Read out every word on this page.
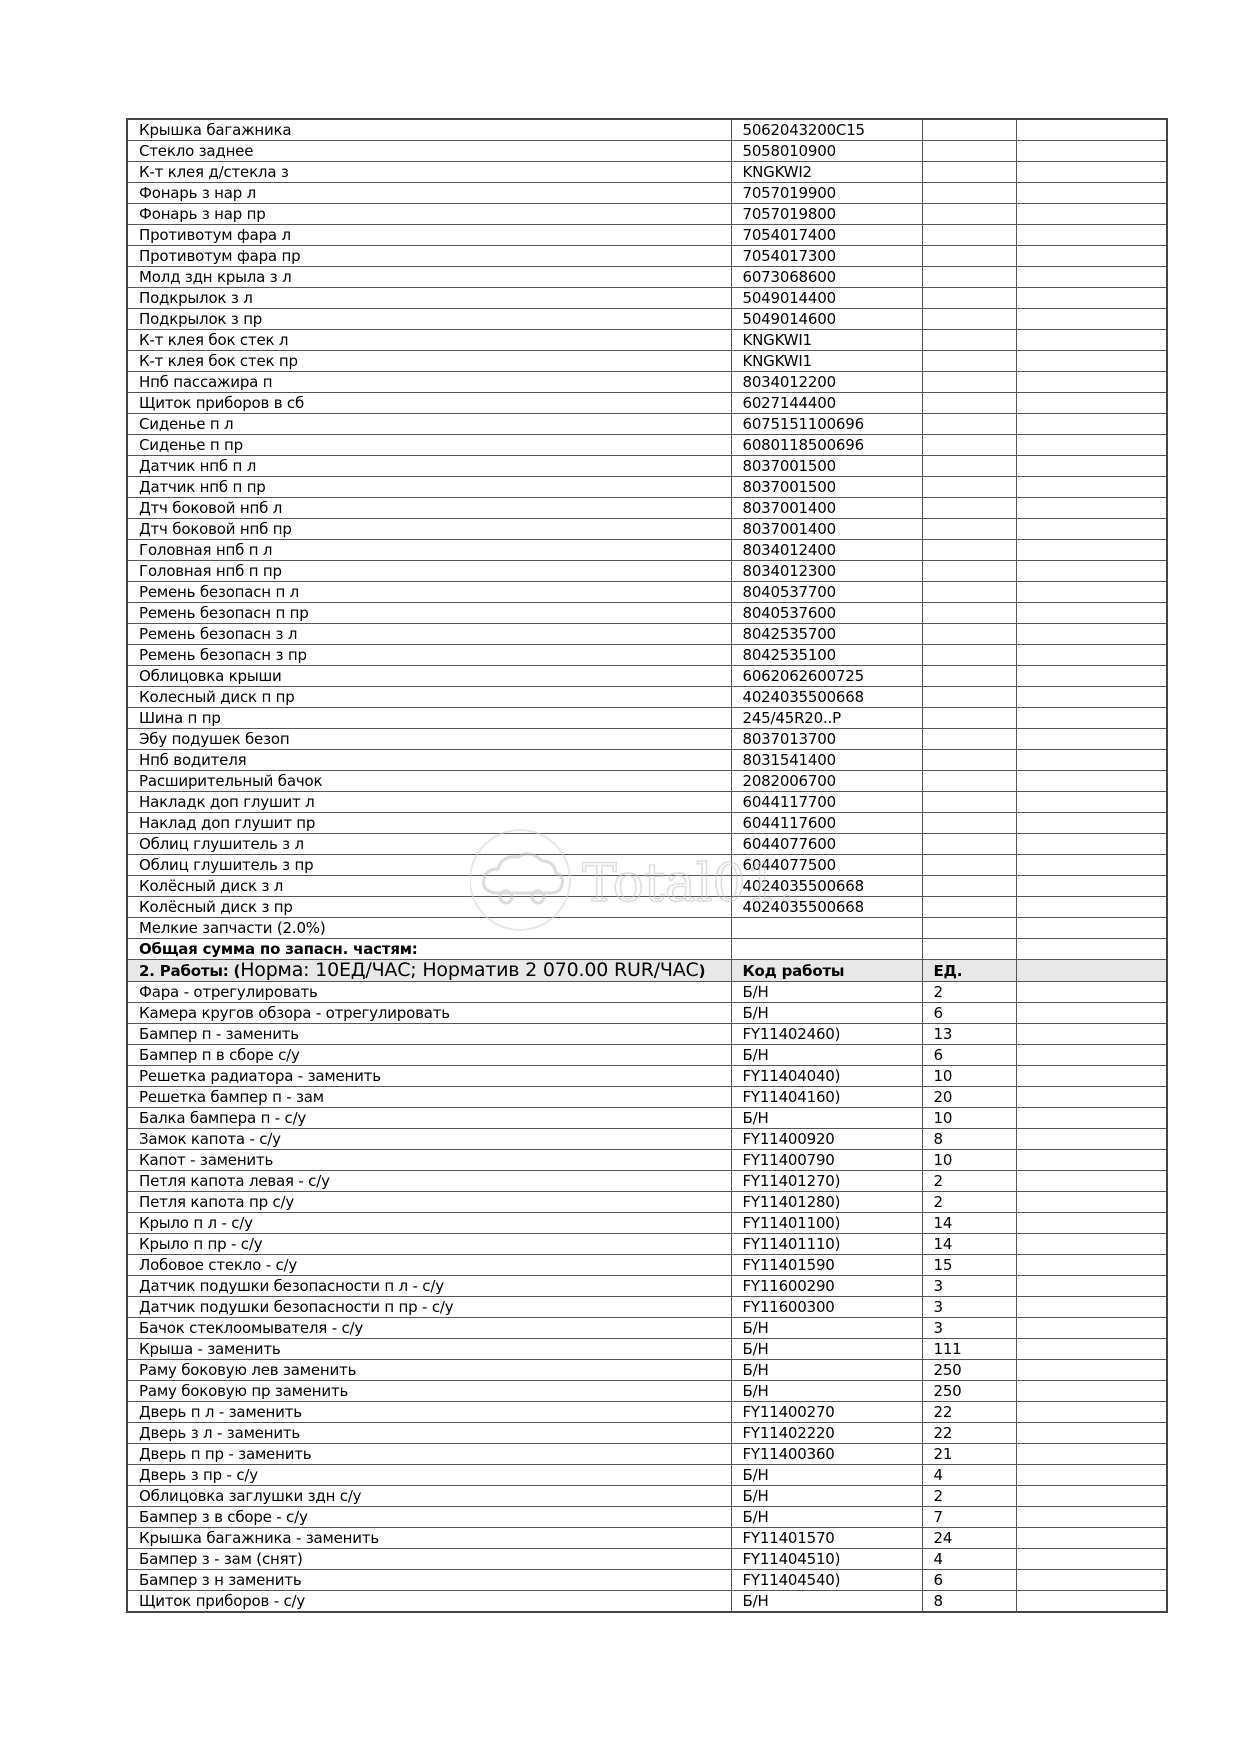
Крышка багажника	5062043200C15		
Стекло заднее	5058010900		
К-т клея д/стекла з	KNGKWI2		
Фонарь з нар л	7057019900		
Фонарь з нар пр	7057019800		
Противотум фара л	7054017400		
Противотум фара пр	7054017300		
Молд здн крыла з л	6073068600		
Подкрылок з л	5049014400		
Подкрылок з пр	5049014600		
К-т клея бок стек л	KNGKWI1		
К-т клея бок стек пр	KNGKWI1		
Нпб пассажира п	8034012200		
Щиток приборов в сб	6027144400		
Сиденье п л	6075151100696		
Сиденье п пр	6080118500696		
Датчик нпб п л	8037001500		
Датчик нпб п пр	8037001500		
Дтч боковой нпб л	8037001400		
Дтч боковой нпб пр	8037001400		
Головная нпб п л	8034012400		
Головная нпб п пр	8034012300		
Ремень безопасн п л	8040537700		
Ремень безопасн п пр	8040537600		
Ремень безопасн з л	8042535700		
Ремень безопасн з пр	8042535100		
Облицовка крыши	6062062600725		
Колесный диск п пр	4024035500668		
Шина п пр	245/45R20..P		
Эбу подушек безоп	8037013700		
Нпб водителя	8031541400		
Расширительный бачок	2082006700		
Накладк доп глушит л	6044117700		
Наклад доп глушит пр	6044117600		
Облиц глушитель з л	6044077600		
Облиц глушитель з пр	6044077500		
Колёсный диск з л	4024035500668		
Колёсный диск з пр	4024035500668		
Мелкие запчасти (2.0%)			
Общая сумма по запасн. частям:			
2. Работы: (Норма: 10ЕД/ЧАС; Норматив 2 070.00 RUR/ЧАС)	Код работы	ЕД.	
Фара - отрегулировать	Б/Н	2	
Камера кругов обзора - отрегулировать	Б/Н	6	
Бампер п - заменить	FY11402460)	13	
Бампер п в сборе с/у	Б/Н	6	
Решетка радиатора - заменить	FY11404040)	10	
Решетка бампер п - зам	FY11404160)	20	
Балка бампера п - с/у	Б/Н	10	
Замок капота - с/у	FY11400920	8	
Капот - заменить	FY11400790	10	
Петля капота левая - с/у	FY11401270)	2	
Петля капота пр с/у	FY11401280)	2	
Крыло п л - с/у	FY11401100)	14	
Крыло п пр - с/у	FY11401110)	14	
Лобовое стекло - с/у	FY11401590	15	
Датчик подушки безопасности п л - с/у	FY11600290	3	
Датчик подушки безопасности п пр - с/у	FY11600300	3	
Бачок стеклоомывателя - с/у	Б/Н	3	
Крыша - заменить	Б/Н	111	
Раму боковую лев заменить	Б/Н	250	
Раму боковую пр заменить	Б/Н	250	
Дверь п л - заменить	FY11400270	22	
Дверь з л - заменить	FY11402220	22	
Дверь п пр - заменить	FY11400360	21	
Дверь з пр - с/у	Б/Н	4	
Облицовка заглушки здн с/у	Б/Н	2	
Бампер з в сборе - с/у	Б/Н	7	
Крышка багажника - заменить	FY11401570	24	
Бампер з - зам (снят)	FY11404510)	4	
Бампер з н заменить	FY11404540)	6	
Щиток приборов - с/у	Б/Н	8	
Total01
